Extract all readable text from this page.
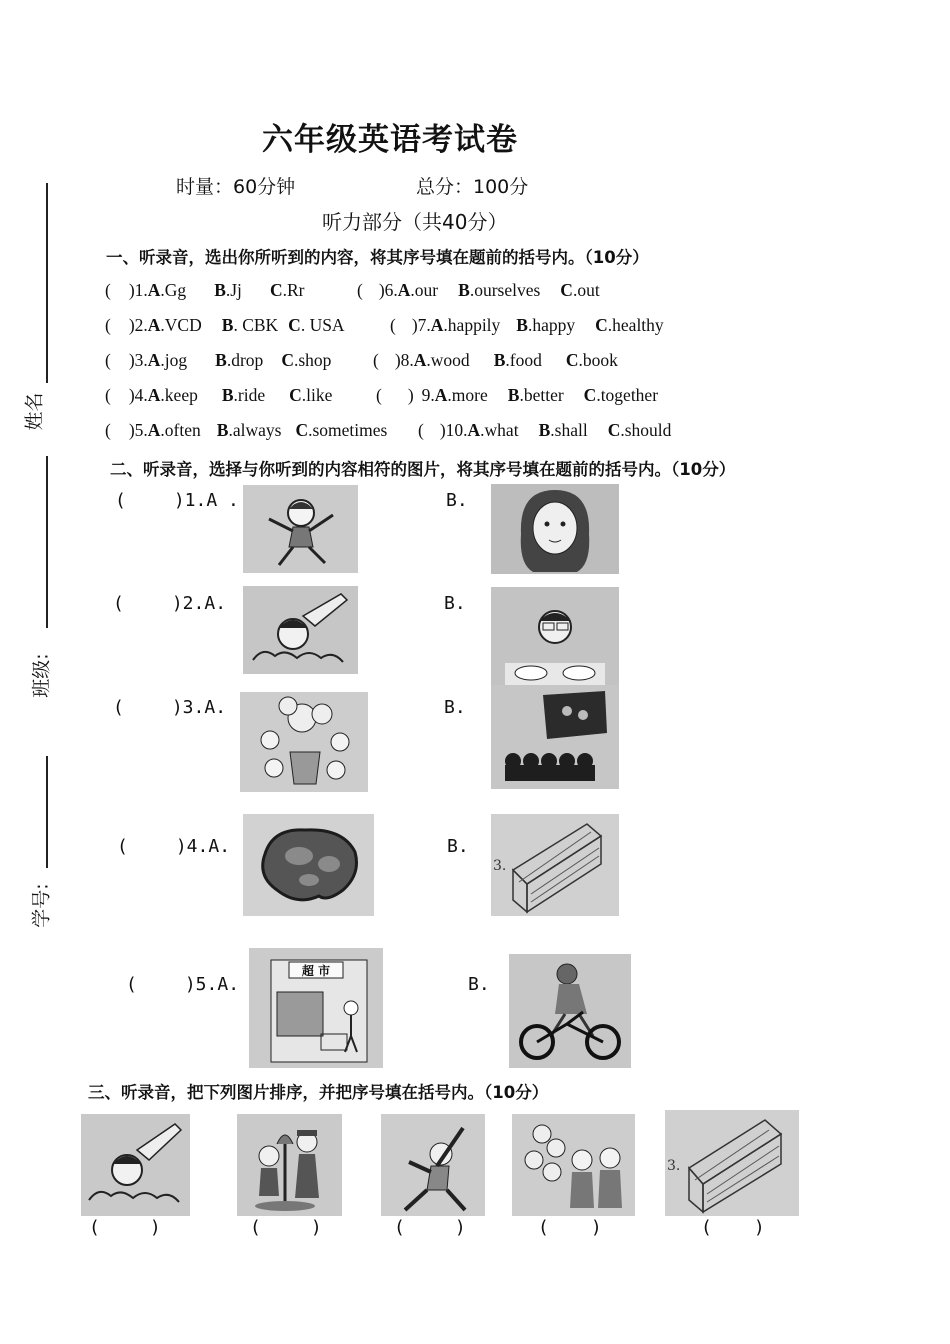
姓名
班级:
学号:
六年级英语考试卷
时量：60分钟	总分：100分
听力部分（共40分）
一、听录音，选出你所听到的内容，将其序号填在题前的括号内。（10分）
( )1.A.Gg B.Jj C.Rr	( )6.A.our B.ourselves C.out
( )2.A.VCD B. CBK C. USA	( )7.A.happily B.happy C.healthy
( )3.A.jog B.drop C.shop ( )8.A.wood B.food C.book
( )4.A.keep B.ride C.like ( ) 9.A.more B.better C.together
( )5.A.often B.always C.sometimes ( )10.A.what B.shall C.should
二、听录音，选择与你听到的内容相符的图片，将其序号填在题前的括号内。（10分）
(	)1.A .	B.
(	)2.A.	B.
(	)3.A.	B.
(	)4.A.	B.
3.
(	)5.A.
超 市
B.
三、听录音，把下列图片排序，并把序号填在括号内。（10分）
3.
(	)	(	)	(	)	( )	( )
